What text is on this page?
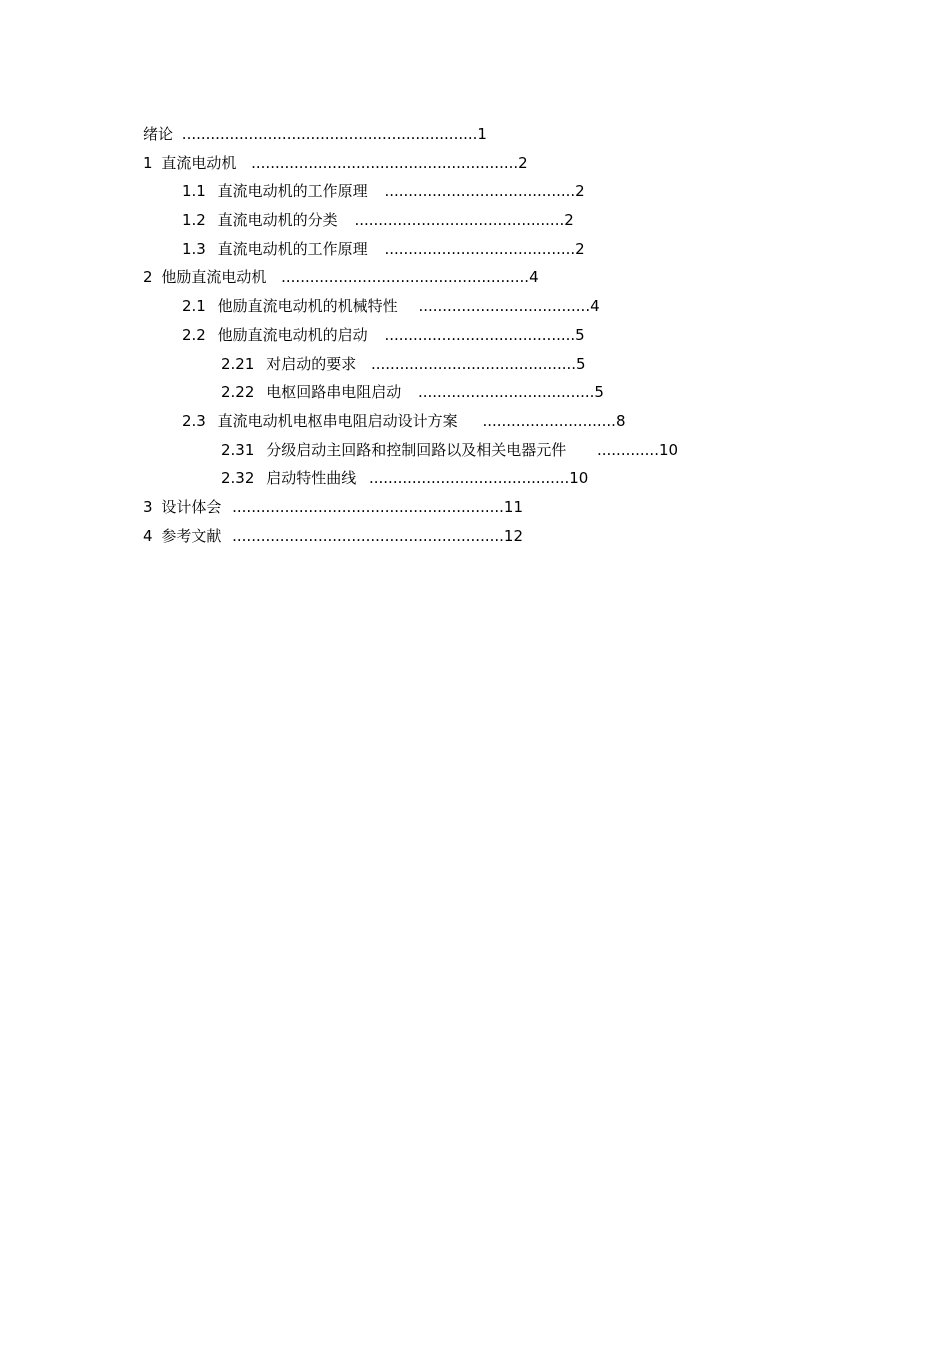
绪论 ..............................................................1
1 直流电动机 ........................................................2
1.1 直流电动机的工作原理 ........................................2
1.2 直流电动机的分类 ............................................2
1.3 直流电动机的工作原理 ........................................2
2 他励直流电动机 ....................................................4
2.1 他励直流电动机的机械特性 ....................................4
2.2 他励直流电动机的启动 ........................................5
2.21 对启动的要求 ...........................................5
2.22 电枢回路串电阻启动 .....................................5
2.3 直流电动机电枢串电阻启动设计方案 ............................8
2.31 分级启动主回路和控制回路以及相关电器元件 .............10
2.32 启动特性曲线 ..........................................10
3 设计体会 .........................................................11
4 参考文献 .........................................................12
